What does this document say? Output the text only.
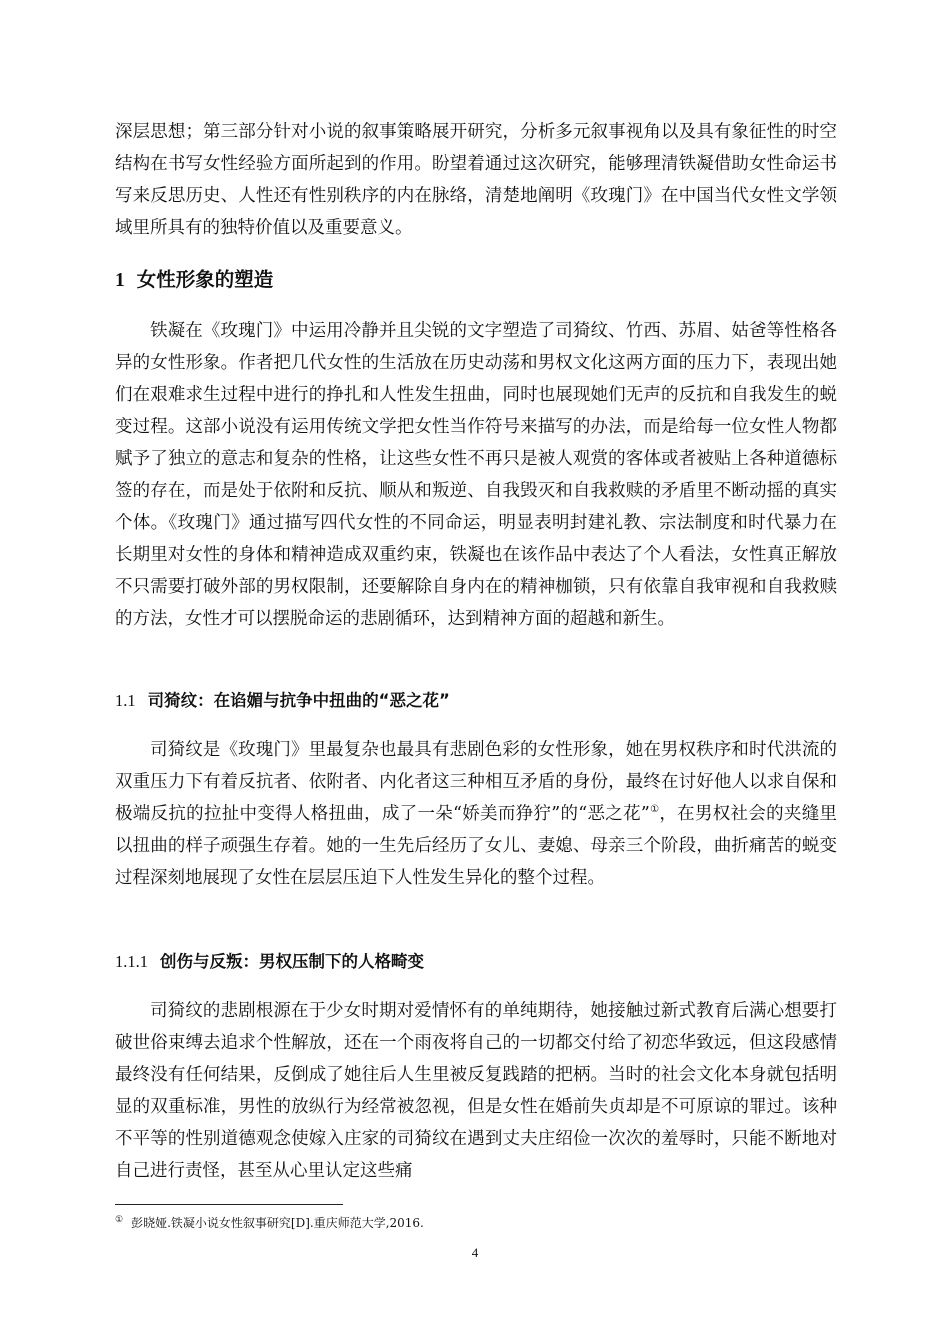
深层思想；第三部分针对小说的叙事策略展开研究，分析多元叙事视角以及具有象征性的时空结构在书写女性经验方面所起到的作用。盼望着通过这次研究，能够理清铁凝借助女性命运书写来反思历史、人性还有性别秩序的内在脉络，清楚地阐明《玫瑰门》在中国当代女性文学领域里所具有的独特价值以及重要意义。

1 女性形象的塑造

铁凝在《玫瑰门》中运用冷静并且尖锐的文字塑造了司猗纹、竹西、苏眉、姑爸等性格各异的女性形象。作者把几代女性的生活放在历史动荡和男权文化这两方面的压力下，表现出她们在艰难求生过程中进行的挣扎和人性发生扭曲，同时也展现她们无声的反抗和自我发生的蜕变过程。这部小说没有运用传统文学把女性当作符号来描写的办法，而是给每一位女性人物都赋予了独立的意志和复杂的性格，让这些女性不再只是被人观赏的客体或者被贴上各种道德标签的存在，而是处于依附和反抗、顺从和叛逆、自我毁灭和自我救赎的矛盾里不断动摇的真实个体。《玫瑰门》通过描写四代女性的不同命运，明显表明封建礼教、宗法制度和时代暴力在长期里对女性的身体和精神造成双重约束，铁凝也在该作品中表达了个人看法，女性真正解放不只需要打破外部的男权限制，还要解除自身内在的精神枷锁，只有依靠自我审视和自我救赎的方法，女性才可以摆脱命运的悲剧循环，达到精神方面的超越和新生。

1.1 司猗纹：在谄媚与抗争中扭曲的“恶之花”

司猗纹是《玫瑰门》里最复杂也最具有悲剧色彩的女性形象，她在男权秩序和时代洪流的双重压力下有着反抗者、依附者、内化者这三种相互矛盾的身份，最终在讨好他人以求自保和极端反抗的拉扯中变得人格扭曲，成了一朵“娇美而狰狞”的“恶之花”①，在男权社会的夹缝里以扭曲的样子顽强生存着。她的一生先后经历了女儿、妻媳、母亲三个阶段，曲折痛苦的蜕变过程深刻地展现了女性在层层压迫下人性发生异化的整个过程。

1.1.1 创伤与反叛：男权压制下的人格畸变

司猗纹的悲剧根源在于少女时期对爱情怀有的单纯期待，她接触过新式教育后满心想要打破世俗束缚去追求个性解放，还在一个雨夜将自己的一切都交付给了初恋华致远，但这段感情最终没有任何结果，反倒成了她往后人生里被反复践踏的把柄。当时的社会文化本身就包括明显的双重标准，男性的放纵行为经常被忽视，但是女性在婚前失贞却是不可原谅的罪过。该种不平等的性别道德观念使嫁入庄家的司猗纹在遇到丈夫庄绍俭一次次的羞辱时，只能不断地对自己进行责怪，甚至从心里认定这些痛

① 彭晓娅.铁凝小说女性叙事研究[D].重庆师范大学,2016.
4
